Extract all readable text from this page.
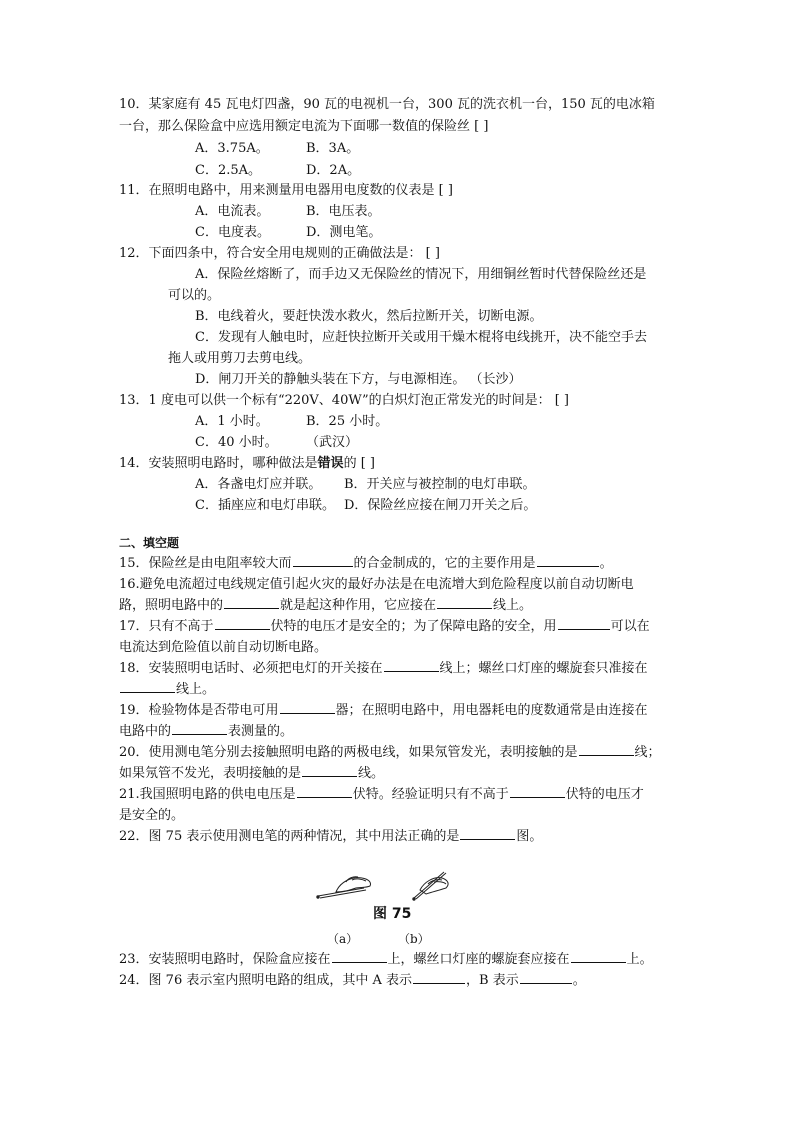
10．某家庭有 45 瓦电灯四盏，90 瓦的电视机一台，300 瓦的洗衣机一台，150 瓦的电冰箱
一台，那么保险盒中应选用额定电流为下面哪一数值的保险丝 [ ]
A．3.75A。	B．3A。
C．2.5A。	D．2A。
11．在照明电路中，用来测量用电器用电度数的仪表是 [ ]
A．电流表。	B．电压表。
C．电度表。	D．测电笔。
12．下面四条中，符合安全用电规则的正确做法是： [ ]
A．保险丝熔断了，而手边又无保险丝的情况下，用细铜丝暂时代替保险丝还是
可以的。
B．电线着火，要赶快泼水救火，然后拉断开关，切断电源。
C．发现有人触电时，应赶快拉断开关或用干燥木棍将电线挑开，决不能空手去
拖人或用剪刀去剪电线。
D．闸刀开关的静触头装在下方，与电源相连。 （长沙）
13．1 度电可以供一个标有“220V、40W”的白炽灯泡正常发光的时间是： [ ]
A．1 小时。	B．25 小时。
C．40 小时。 （武汉）
14．安装照明电路时，哪种做法是错误的 [ ]
A．各盏电灯应并联。 B．开关应与被控制的电灯串联。
C．插座应和电灯串联。 D．保险丝应接在闸刀开关之后。
二、填空题
15．保险丝是由电阻率较大而	的合金制成的，它的主要作用是	。
16.避免电流超过电线规定值引起火灾的最好办法是在电流增大到危险程度以前自动切断电
路，照明电路中的	就是起这种作用，它应接在	线上。
17．只有不高于	伏特的电压才是安全的；为了保障电路的安全，用	可以在
电流达到危险值以前自动切断电路。
18．安装照明电话时、必须把电灯的开关接在	线上；螺丝口灯座的螺旋套只准接在
线上。
19．检验物体是否带电可用	器；在照明电路中，用电器耗电的度数通常是由连接在
电路中的	表测量的。
20．使用测电笔分别去接触照明电路的两极电线，如果氖管发光，表明接触的是	线；
如果氖管不发光，表明接触的是	线。
21.我国照明电路的供电电压是	伏特。经验证明只有不高于	伏特的电压才
是安全的。
22．图 75 表示使用测电笔的两种情况，其中用法正确的是	图。
图 75
（a）	（b）
23．安装照明电路时，保险盒应接在	上，螺丝口灯座的螺旋套应接在	上。
24．图 76 表示室内照明电路的组成，其中 A 表示	，B 表示	。
